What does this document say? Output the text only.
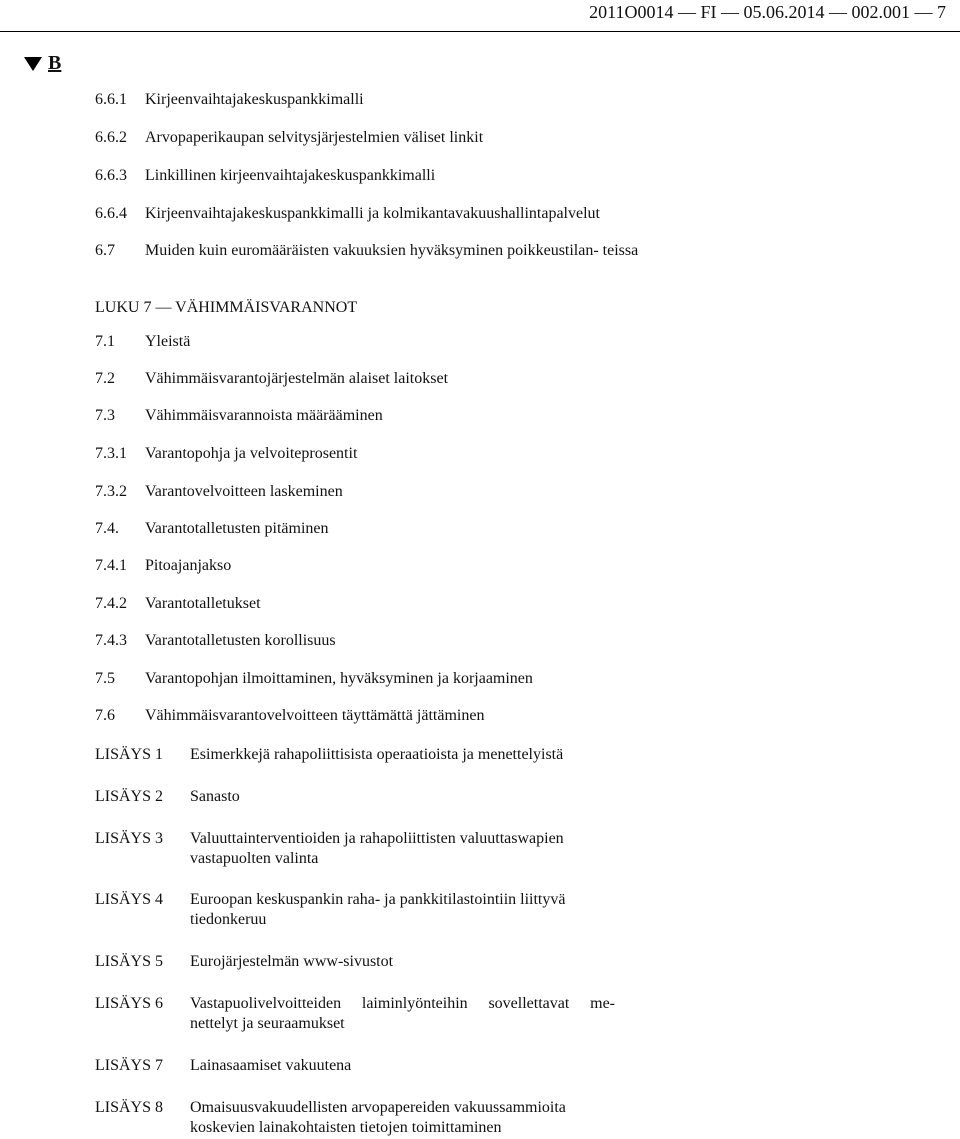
2011O0014 — FI — 05.06.2014 — 002.001 — 7
B
6.6.1 Kirjeenvaihtajakeskuspankkimalli
6.6.2 Arvopaperikaupan selvitysjärjestelmien väliset linkit
6.6.3 Linkillinen kirjeenvaihtajakeskuspankkimalli
6.6.4 Kirjeenvaihtajakeskuspankkimalli ja kolmikantavakuushallintapalvelut
6.7 Muiden kuin euromääräisten vakuuksien hyväksyminen poikkeustilan- teissa
LUKU 7 — VÄHIMMÄISVARANNOT
7.1 Yleistä
7.2 Vähimmäisvarantojärjestelmän alaiset laitokset
7.3 Vähimmäisvarannoista määrääminen
7.3.1 Varantopohja ja velvoiteprosentit
7.3.2 Varantovelvoitteen laskeminen
7.4. Varantotalletusten pitäminen
7.4.1 Pitoajanjakso
7.4.2 Varantotalletukset
7.4.3 Varantotalletusten korollisuus
7.5 Varantopohjan ilmoittaminen, hyväksyminen ja korjaaminen
7.6 Vähimmäisvarantovelvoitteen täyttämättä jättäminen
LISÄYS 1 Esimerkkejä rahapoliittisista operaatioista ja menettelyistä
LISÄYS 2 Sanasto
LISÄYS 3 Valuuttainterventioiden ja rahapoliittisten valuuttaswapien vastapuolten valinta
LISÄYS 4 Euroopan keskuspankin raha- ja pankkitilastointiin liittyvä tiedonkeruu
LISÄYS 5 Eurojärjestelmän www-sivustot
LISÄYS 6 Vastapuolivelvoitteiden laiminlyönteihin sovellettavat me- nettelyt ja seuraamukset
LISÄYS 7 Lainasaamiset vakuutena
LISÄYS 8 Omaisuusvakuudellisten arvopapereiden vakuussammioita koskevien lainakohtaisten tietojen toimittaminen
